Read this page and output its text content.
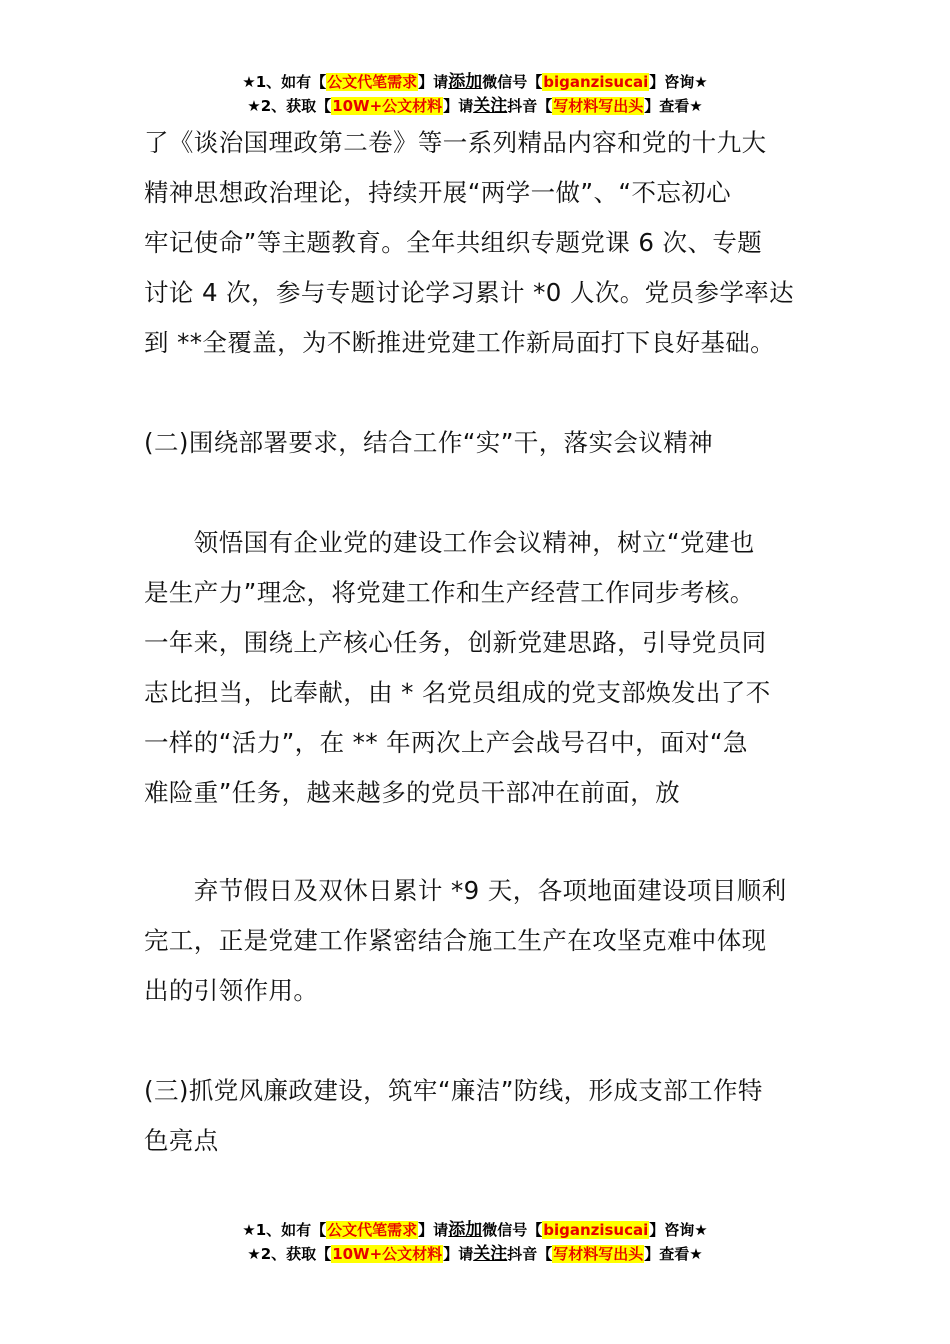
★1、如有【公文代笔需求】请添加微信号【biganzisucai】咨询★
★2、获取【10W+公文材料】请关注抖音【写材料写出头】查看★

了《谈治国理政第二卷》等一系列精品内容和党的十九大

精神思想政治理论，持续开展“两学一做”、“不忘初心

牢记使命”等主题教育。全年共组织专题党课 6 次、专题

讨论 4 次，参与专题讨论学习累计 *0 人次。党员参学率达

到 **全覆盖，为不断推进党建工作新局面打下良好基础。

(二)围绕部署要求，结合工作“实”干，落实会议精神

　　领悟国有企业党的建设工作会议精神，树立“党建也

是生产力”理念，将党建工作和生产经营工作同步考核。

一年来，围绕上产核心任务，创新党建思路，引导党员同

志比担当，比奉献，由 * 名党员组成的党支部焕发出了不

一样的“活力”，在 ** 年两次上产会战号召中，面对“急

难险重”任务，越来越多的党员干部冲在前面，放

　　弃节假日及双休日累计 *9 天，各项地面建设项目顺利

完工，正是党建工作紧密结合施工生产在攻坚克难中体现

出的引领作用。

(三)抓党风廉政建设，筑牢“廉洁”防线，形成支部工作特

色亮点

★1、如有【公文代笔需求】请添加微信号【biganzisucai】咨询★
★2、获取【10W+公文材料】请关注抖音【写材料写出头】查看★
